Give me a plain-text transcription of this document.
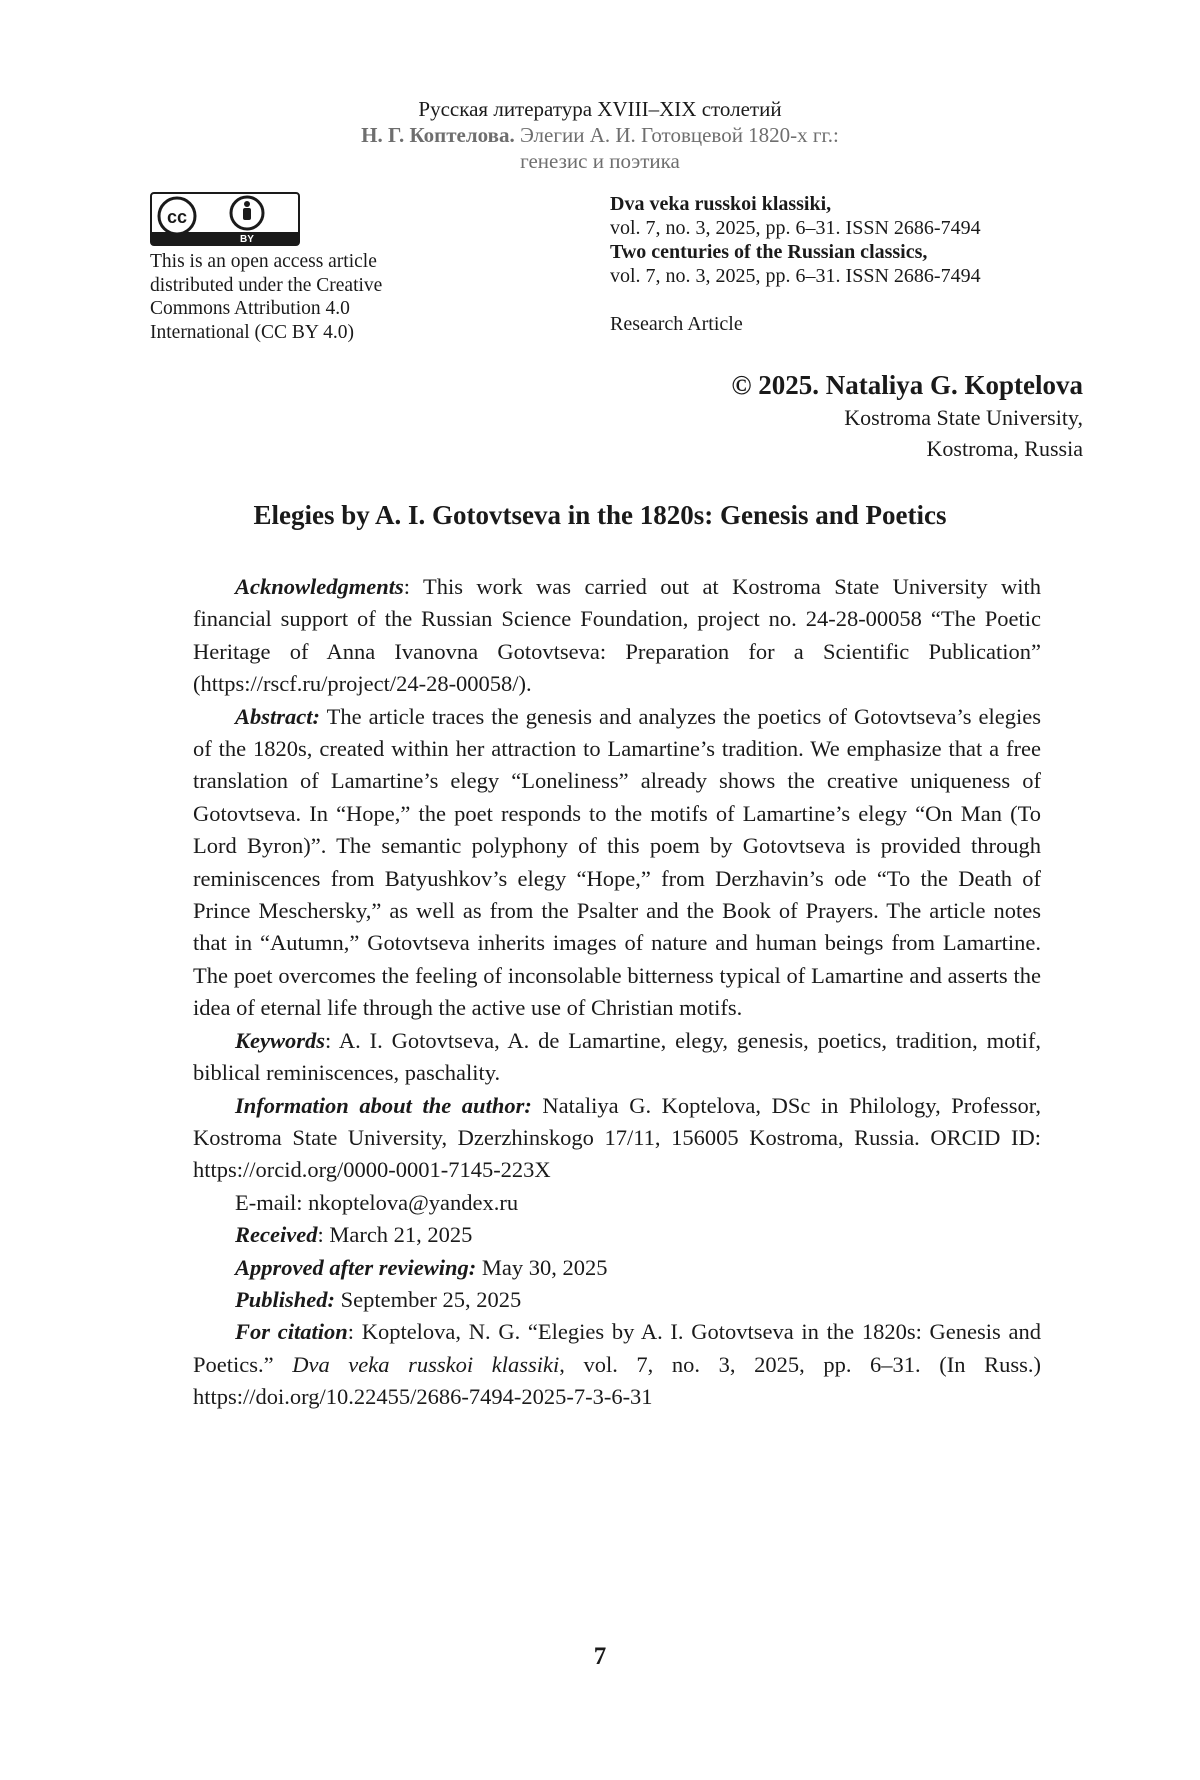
Русская литература XVIII–XIX столетий
Н. Г. Коптелова. Элегии А. И. Готовцевой 1820-х гг.:
генезис и поэтика
cc
BY
This is an open access article distributed under the Creative Commons Attribution 4.0 International (CC BY 4.0)
Dva veka russkoi klassiki,
vol. 7, no. 3, 2025, pp. 6–31. ISSN 2686-7494
Two centuries of the Russian classics,
vol. 7, no. 3, 2025, pp. 6–31. ISSN 2686-7494
Research Article
© 2025. Nataliya G. Koptelova
Kostroma State University,
Kostroma, Russia
Elegies by A. I. Gotovtseva in the 1820s: Genesis and Poetics

Acknowledgments: This work was carried out at Kostroma State University with financial support of the Russian Science Foundation, project no. 24-28-00058 “The Poetic Heritage of Anna Ivanovna Gotovtseva: Preparation for a Scientific Publication” (https://rscf.ru/project/24-28-00058/).

Abstract: The article traces the genesis and analyzes the poetics of Gotovtseva’s elegies of the 1820s, created within her attraction to Lamartine’s tradition. We emphasize that a free translation of Lamartine’s elegy “Loneliness” already shows the creative uniqueness of Gotovtseva. In “Hope,” the poet responds to the motifs of Lamartine’s elegy “On Man (To Lord Byron)”. The semantic polyphony of this poem by Gotovtseva is provided through reminiscences from Batyushkov’s elegy “Hope,” from Derzhavin’s ode “To the Death of Prince Meschersky,” as well as from the Psalter and the Book of Prayers. The article notes that in “Autumn,” Gotovtseva inherits images of nature and human beings from Lamartine. The poet overcomes the feeling of inconsolable bitterness typical of Lamartine and asserts the idea of eternal life through the active use of Christian motifs.

Keywords: A. I. Gotovtseva, A. de Lamartine, elegy, genesis, poetics, tradition, motif, biblical reminiscences, paschality.

Information about the author: Nataliya G. Koptelova, DSc in Philology, Professor, Kostroma State University, Dzerzhinskogo 17/11, 156005 Kostroma, Russia. ORCID ID: https://orcid.org/0000-0001-7145-223X

E-mail: nkoptelova@yandex.ru

Received: March 21, 2025

Approved after reviewing: May 30, 2025

Published: September 25, 2025

For citation: Koptelova, N. G. “Elegies by A. I. Gotovtseva in the 1820s: Genesis and Poetics.” Dva veka russkoi klassiki, vol. 7, no. 3, 2025, pp. 6–31. (In Russ.) https://doi.org/10.22455/2686-7494-2025-7-3-6-31

7
